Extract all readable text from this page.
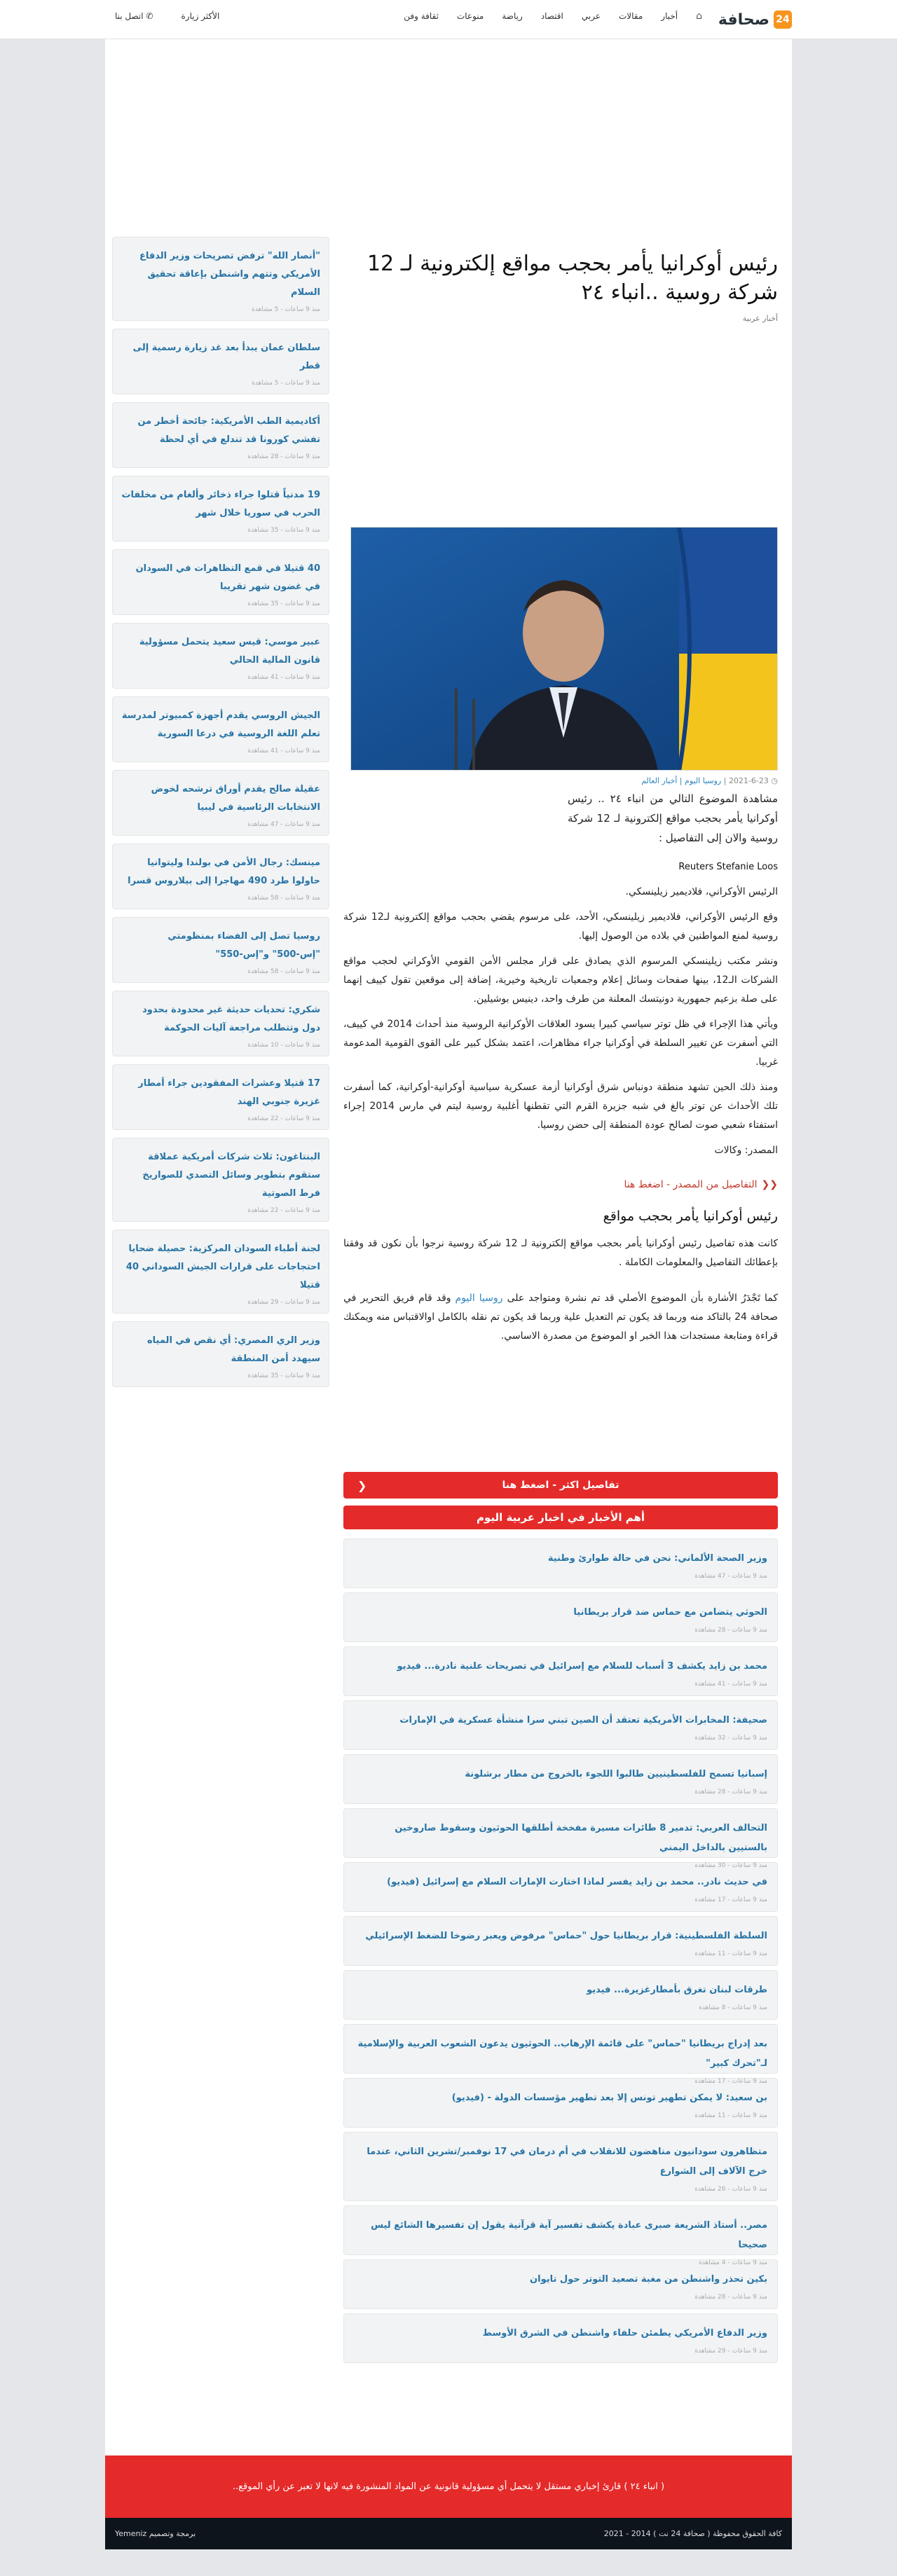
24
صحافة
⌂
أخبار
مقالات
عربي
اقتصاد
رياضة
منوعات
ثقافة وفن
الأكثر زيارة
✆ اتصل بنا
رئيس أوكرانيا يأمر بحجب مواقع إلكترونية لـ 12 شركة روسية ..انباء ٢٤
أخبار عربية
◷ 2021-6-23 | روسيا اليوم | أخبار العالم

مشاهدة الموضوع التالي من انباء ٢٤ .. رئيس أوكرانيا يأمر بحجب مواقع إلكترونية لـ 12 شركة روسية والان إلى التفاصيل :

Reuters Stefanie Loos

الرئيس الأوكراني، فلاديمير زيلينسكي.

وقع الرئيس الأوكراني، فلاديمير زيلينسكي، الأحد، على مرسوم يقضي بحجب مواقع إلكترونية لـ12 شركة روسية لمنع المواطنين في بلاده من الوصول إليها.

ونشر مكتب زيلينسكي المرسوم الذي يصادق على قرار مجلس الأمن القومي الأوكراني لحجب مواقع الشركات الـ12، بينها صفحات وسائل إعلام وجمعيات تاريخية وخيرية، إضافة إلى موقعين تقول كييف إنهما على صلة بزعيم جمهورية دونيتسك المعلنة من طرف واحد، دينيس بوشيلين.

ويأتي هذا الإجراء في ظل توتر سياسي كبيرا يسود العلاقات الأوكرانية الروسية منذ أحداث 2014 في كييف، التي أسفرت عن تغيير السلطة في أوكرانيا جراء مظاهرات، اعتمد بشكل كبير على القوى القومية المدعومة غربيا.

ومنذ ذلك الحين تشهد منطقة دونباس شرق أوكرانيا أزمة عسكرية سياسية أوكرانية-أوكرانية، كما أسفرت تلك الأحداث عن توتر بالغ في شبه جزيرة القرم التي تقطنها أغلبية روسية ليتم في مارس 2014 إجراء استفتاء شعبي صوت لصالح عودة المنطقة إلى حضن روسيا.

المصدر: وكالات

❮❮
التفاصيل من المصدر - اضغط هنا
رئيس أوكرانيا يأمر بحجب مواقع

كانت هذه تفاصيل رئيس أوكرانيا يأمر بحجب مواقع إلكترونية لـ 12 شركة روسية نرجوا بأن نكون قد وفقنا بإعطائك التفاصيل والمعلومات الكاملة .

كما تَجْدَرُ الأشارة بأن الموضوع الأصلي قد تم نشرة ومتواجد على روسيا اليوم وقد قام فريق التحرير في صحافة 24 بالتاكد منه وربما قد يكون تم التعديل علية وربما قد يكون تم نقله بالكامل اوالاقتباس منه ويمكنك قراءة ومتابعة مستجدات هذا الخبر او الموضوع من مصدرة الاساسي.

تفاصيل اكثر - اضغط هنا
❮
أهم الأخبار في اخبار عربية اليوم
وزير الصحة الألماني: نحن في حالة طوارئ وطنية
منذ 9 ساعات - 47 مشاهدة
الحوثي يتضامن مع حماس ضد قرار بريطانيا
منذ 9 ساعات - 28 مشاهدة
محمد بن زايد يكشف 3 أسباب للسلام مع إسرائيل في تصريحات علنية نادرة... فيديو
منذ 9 ساعات - 41 مشاهدة
صحيفة: المخابرات الأمريكية تعتقد أن الصين تبني سرا منشأة عسكرية في الإمارات
منذ 9 ساعات - 32 مشاهدة
إسبانيا تسمح للفلسطينيين طالبوا اللجوء بالخروج من مطار برشلونة
منذ 9 ساعات - 28 مشاهدة
التحالف العربي: تدمير 8 طائرات مسيرة مفخخة أطلقها الحوثيون وسقوط صاروخين بالستيين بالداخل اليمني
منذ 9 ساعات - 30 مشاهدة
في حديث نادر.. محمد بن زايد يفسر لماذا اختارت الإمارات السلام مع إسرائيل (فيديو)
منذ 9 ساعات - 17 مشاهدة
السلطة الفلسطينية: قرار بريطانيا حول "حماس" مرفوض ويعبر رضوخا للضغط الإسرائيلي
منذ 9 ساعات - 11 مشاهدة
طرقات لبنان تغرق بأمطارغزيرة... فيديو
منذ 9 ساعات - 8 مشاهدة
بعد إدراج بريطانيا "حماس" على قائمة الإرهاب.. الحوثيون يدعون الشعوب العربية والإسلامية لـ"تحرك كبير"
منذ 9 ساعات - 17 مشاهدة
بن سعيد: لا يمكن تطهير تونس إلا بعد تطهير مؤسسات الدولة - (فيديو)
منذ 9 ساعات - 11 مشاهدة
متظاهرون سودانيون مناهضون للانقلاب في أم درمان في 17 نوفمبر/تشرين الثاني، عندما خرج الآلاف إلى الشوارع
منذ 9 ساعات - 26 مشاهدة
مصر.. أستاذ الشريعة صبرى عبادة يكشف تفسير آية قرآنية يقول إن تفسيرها الشائع ليس صحيحا
منذ 9 ساعات - 4 مشاهدة
بكين تحذر واشنطن من مغبة تصعيد التوتر حول تايوان
منذ 9 ساعات - 28 مشاهدة
وزير الدفاع الأمريكي يطمئن حلفاء واشنطن في الشرق الأوسط
منذ 9 ساعات - 29 مشاهدة
"أنصار الله" ترفض تصريحات وزير الدفاع الأمريكي وتتهم واشنطن بإعاقة تحقيق السلام
منذ 9 ساعات - 5 مشاهدة
سلطان عمان يبدأ بعد غد زيارة رسمية إلى قطر
منذ 9 ساعات - 5 مشاهدة
أكاديمية الطب الأمريكية: جائحة أخطر من تفشي كورونا قد تندلع في أي لحظة
منذ 9 ساعات - 28 مشاهدة
19 مدنياً قتلوا جراء ذخائر وألغام من مخلفات الحرب في سوريا خلال شهر
منذ 9 ساعات - 35 مشاهدة
40 قتيلا في قمع التظاهرات في السودان في غضون شهر تقريبا
منذ 9 ساعات - 35 مشاهدة
عبير موسي: قيس سعيد يتحمل مسؤولية قانون المالية الحالي
منذ 9 ساعات - 41 مشاهدة
الجيش الروسي يقدم أجهزة كمبيوتر لمدرسة تعلم اللغة الروسية في درعا السورية
منذ 9 ساعات - 41 مشاهدة
عقيلة صالح يقدم أوراق ترشحه لخوض الانتخابات الرئاسية في ليبيا
منذ 9 ساعات - 47 مشاهدة
مينسك: رجال الأمن في بولندا وليتوانيا حاولوا طرد 490 مهاجرا إلى بيلاروس قسرا
منذ 9 ساعات - 58 مشاهدة
روسيا تصل إلى الفضاء بمنظومتي "إس-500" و"إس-550"
منذ 9 ساعات - 58 مشاهدة
شكري: تحديات حديثة غير محدودة بحدود دول وتتطلب مراجعة آليات الحوكمة
منذ 9 ساعات - 10 مشاهدة
17 قتيلا وعشرات المفقودين جراء أمطار غزيرة جنوبي الهند
منذ 9 ساعات - 22 مشاهدة
البنتاغون: ثلاث شركات أمريكية عملاقة ستقوم بتطوير وسائل التصدي للصواريخ فرط الصوتية
منذ 9 ساعات - 22 مشاهدة
لجنة أطباء السودان المركزية: حصيلة ضحايا احتجاجات على قرارات الجيش السوداني 40 قتيلا
منذ 9 ساعات - 29 مشاهدة
وزير الري المصري: أي نقص في المياه سيهدد أمن المنطقة
منذ 9 ساعات - 35 مشاهدة
( انباء ٢٤ ) قارئ إخباري مستقل لا يتحمل أي مسؤولية قانونية عن المواد المنشورة فيه لانها لا تعبر عن رأي الموقع..
كافة الحقوق محفوظة ( صحافة 24 نت ) 2014 - 2021
برمجة وتصميم Yemeniz
